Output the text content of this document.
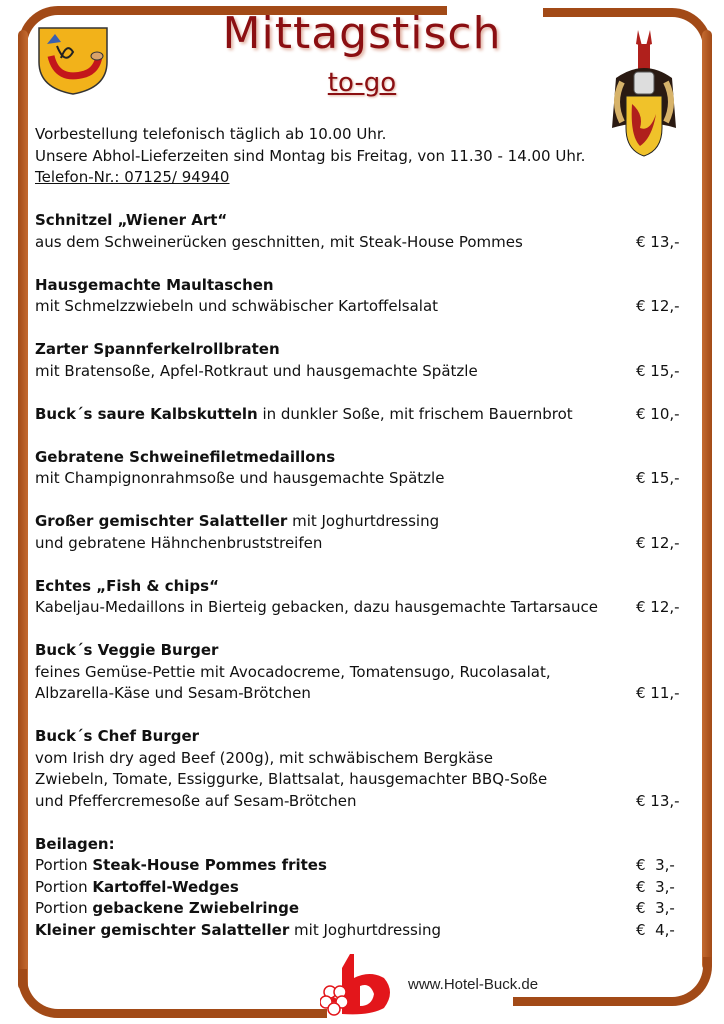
Mittagstisch
to-go
Vorbestellung telefonisch täglich ab 10.00 Uhr.
Unsere Abhol-Lieferzeiten sind Montag bis Freitag, von 11.30 - 14.00 Uhr.
Telefon-Nr.: 07125/ 94940
Schnitzel „Wiener Art“
aus dem Schweinerücken geschnitten, mit Steak-House Pommes	€ 13,-
Hausgemachte Maultaschen
mit Schmelzzwiebeln und schwäbischer Kartoffelsalat	€ 12,-
Zarter Spannferkelrollbraten
mit Bratensoße, Apfel-Rotkraut und hausgemachte Spätzle	€ 15,-
Buck´s saure Kalbskutteln in dunkler Soße, mit frischem Bauernbrot	€ 10,-
Gebratene Schweinefiletmedaillons
mit Champignonrahmsoße und hausgemachte Spätzle	€ 15,-
Großer gemischter Salatteller mit Joghurtdressing
und gebratene Hähnchenbruststreifen	€ 12,-
Echtes „Fish & chips“
Kabeljau-Medaillons in Bierteig gebacken, dazu hausgemachte Tartarsauce	€ 12,-
Buck´s Veggie Burger
feines Gemüse-Pettie mit Avocadocreme, Tomatensugo, Rucolasalat,
Albzarella-Käse und Sesam-Brötchen	€ 11,-
Buck´s Chef Burger
vom Irish dry aged Beef (200g), mit schwäbischem Bergkäse
Zwiebeln, Tomate, Essiggurke, Blattsalat, hausgemachter BBQ-Soße
und Pfeffercremesoße auf Sesam-Brötchen	€ 13,-
Beilagen:
Portion Steak-House Pommes frites	€  3,-
Portion Kartoffel-Wedges	€  3,-
Portion gebackene Zwiebelringe	€  3,-
Kleiner gemischter Salatteller mit Joghurtdressing	€  4,-
www.Hotel-Buck.de
